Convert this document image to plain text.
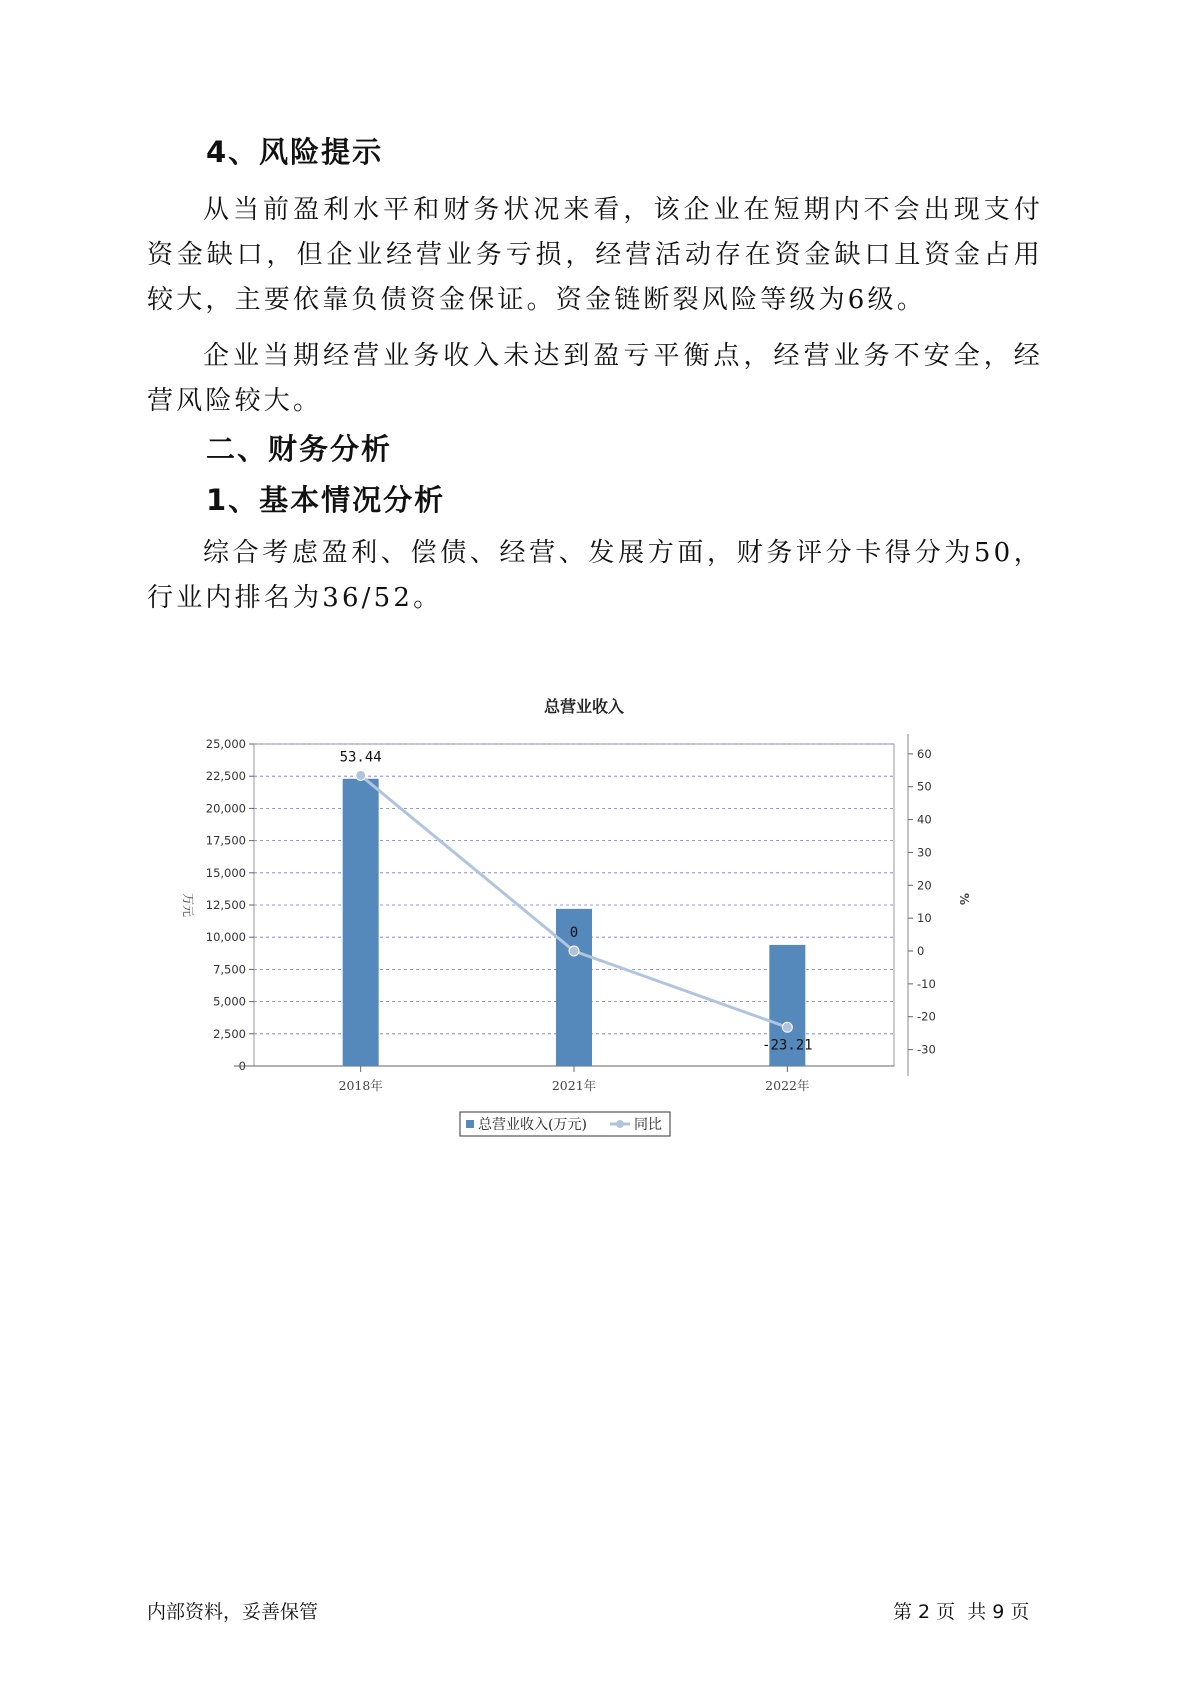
4、风险提示

从当前盈利水平和财务状况来看，该企业在短期内不会出现支付资金缺口，但企业经营业务亏损，经营活动存在资金缺口且资金占用较大，主要依靠负债资金保证。资金链断裂风险等级为6级。

企业当期经营业务收入未达到盈亏平衡点，经营业务不安全，经营风险较大。

二、财务分析
1、基本情况分析

综合考虑盈利、偿债、经营、发展方面，财务评分卡得分为50，行业内排名为36/52。

总营业收入
0
2,500
5,000
7,500
10,000
12,500
15,000
17,500
20,000
22,500
25,000
万元
-30
-20
-10
0
10
20
30
40
50
60
%
2018年	2021年	2022年
53.44
0
-23.21
总营业收入(万元)	同比
内部资料，妥善保管	第 2 页  共 9 页
